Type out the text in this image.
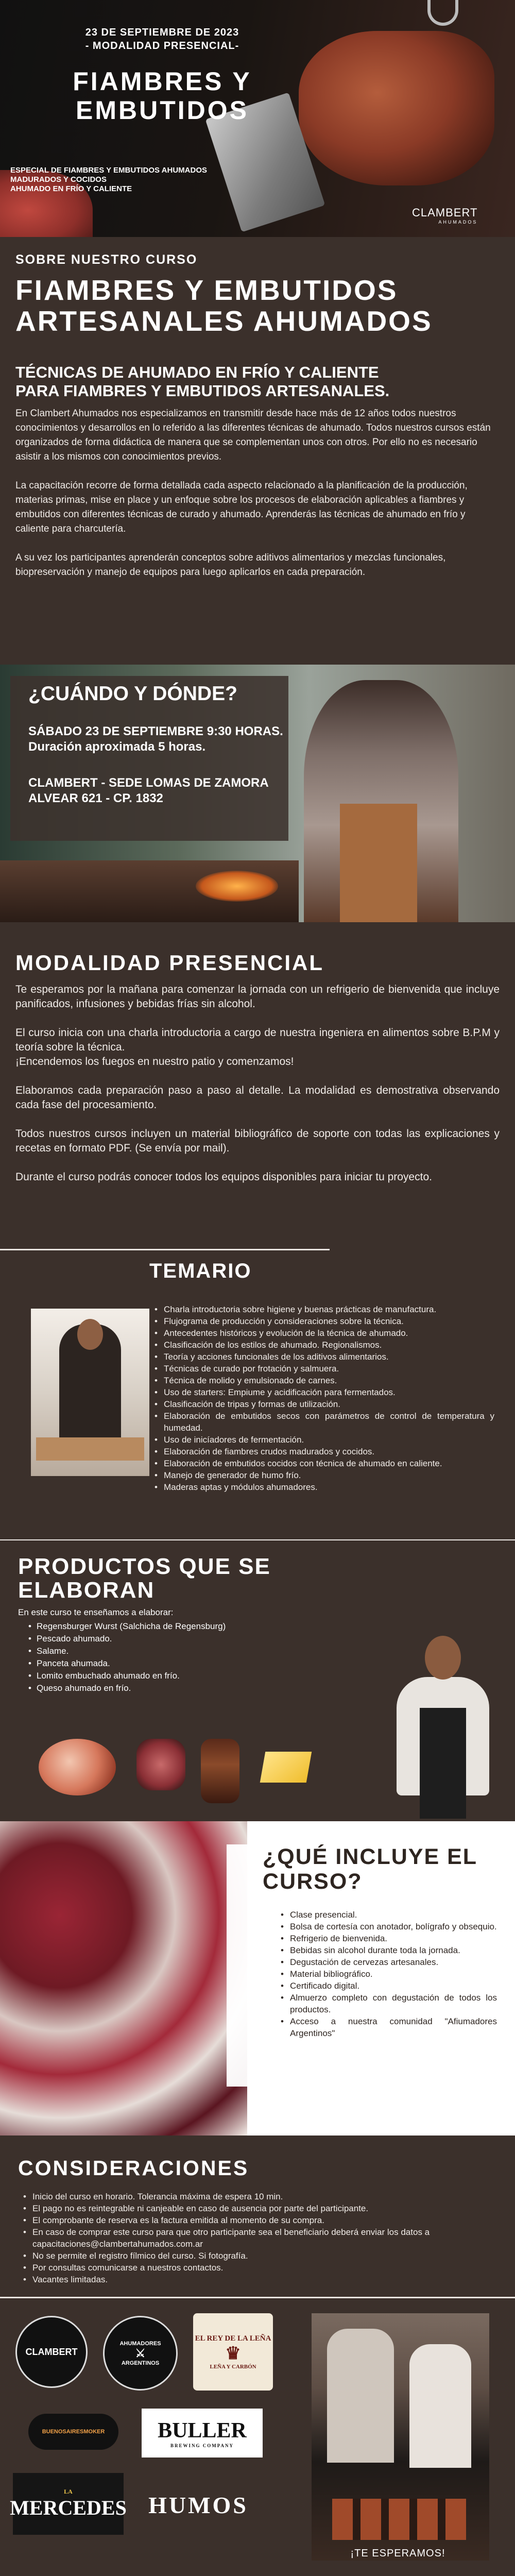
23 DE SEPTIEMBRE DE 2023
- MODALIDAD PRESENCIAL-
FIAMBRES Y
EMBUTIDOS
ESPECIAL DE FIAMBRES Y EMBUTIDOS AHUMADOS
MADURADOS Y COCIDOS
AHUMADO EN FRÍO Y CALIENTE
CLAMBERT
AHUMADOS
SOBRE NUESTRO CURSO
FIAMBRES Y EMBUTIDOS
ARTESANALES AHUMADOS
TÉCNICAS DE AHUMADO EN FRÍO Y CALIENTE
PARA FIAMBRES Y EMBUTIDOS ARTESANALES.

En Clambert Ahumados nos especializamos en transmitir desde hace más de 12 años todos nuestros conocimientos y desarrollos en lo referido a las diferentes técnicas de ahumado. Todos nuestros cursos están organizados de forma didáctica de manera que se complementan unos con otros. Por ello no es necesario asistir a los mismos con conocimientos previos.

La capacitación recorre de forma detallada cada aspecto relacionado a la planificación de la producción, materias primas, mise en place y un enfoque sobre los procesos de elaboración aplicables a fiambres y embutidos con diferentes técnicas de curado y ahumado. Aprenderás las técnicas de ahumado en frío y caliente para charcutería.

A su vez los participantes aprenderán conceptos sobre aditivos alimentarios y mezclas funcionales, biopreservación y manejo de equipos para luego aplicarlos en cada preparación.

¿CUÁNDO Y DÓNDE?
SÁBADO 23 DE SEPTIEMBRE 9:30 HORAS.
Duración aproximada 5 horas.
CLAMBERT - SEDE LOMAS DE ZAMORA
ALVEAR 621 - CP. 1832
MODALIDAD PRESENCIAL

Te esperamos por la mañana para comenzar la jornada con un refrigerio de bienvenida que incluye panificados, infusiones y bebidas frías sin alcohol.

El curso inicia con una charla introductoria a cargo de nuestra ingeniera en alimentos sobre B.P.M y teoría sobre la técnica.
¡Encendemos los fuegos en nuestro patio y comenzamos!

Elaboramos cada preparación paso a paso al detalle. La modalidad es demostrativa observando cada fase del procesamiento.

Todos nuestros cursos incluyen un material bibliográfico de soporte con todas las explicaciones y recetas en formato PDF. (Se envía por mail).

Durante el curso podrás conocer todos los equipos disponibles para iniciar tu proyecto.

TEMARIO
• Charla introductoria sobre higiene y buenas prácticas de manufactura.
• Flujograma de producción y consideraciones sobre la técnica.
• Antecedentes históricos y evolución de la técnica de ahumado.
• Clasificación de los estilos de ahumado. Regionalismos.
• Teoría y acciones funcionales de los aditivos alimentarios.
• Técnicas de curado por frotación y salmuera.
• Técnica de molido y emulsionado de carnes.
• Uso de starters: Empiume y acidificación para fermentados.
• Clasificación de tripas y formas de utilización.
• Elaboración de embutidos secos con parámetros de control de temperatura y humedad.
• Uso de inicíadores de fermentación.
• Elaboración de fiambres crudos madurados y cocidos.
• Elaboración de embutidos cocidos con técnica de ahumado en caliente.
• Manejo de generador de humo frío.
• Maderas aptas y módulos ahumadores.
PRODUCTOS QUE SE
ELABORAN
En este curso te enseñamos a elaborar:
• Regensburger Wurst (Salchicha de Regensburg)
• Pescado ahumado.
• Salame.
• Panceta ahumada.
• Lomito embuchado ahumado en frío.
• Queso ahumado en frío.
¿QUÉ INCLUYE EL
CURSO?
• Clase presencial.
• Bolsa de cortesía con anotador, bolígrafo y obsequio.
• Refrigerio de bienvenida.
• Bebidas sin alcohol durante toda la jornada.
• Degustación de cervezas artesanales.
• Material bibliográfico.
• Certificado digital.
• Almuerzo completo con degustación de todos los productos.
• Acceso a nuestra comunidad "Afiumadores Argentinos"
CONSIDERACIONES
• Inicio del curso en horario. Tolerancia máxima de espera 10 min.
• El pago no es reintegrable ni canjeable en caso de ausencia por parte del participante.
• El comprobante de reserva es la factura emitida al momento de su compra.
• En caso de comprar este curso para que otro participante sea el beneficiario deberá enviar los datos a capacitaciones@clambertahumados.com.ar
• No se permite el registro fílmico del curso. Si fotografía.
• Por consultas comunicarse a nuestros contactos.
• Vacantes limitadas.
CLAMBERT
AHUMADORES
⚔
ARGENTINOS
EL REY DE LA LEÑA
♛
LEÑA Y CARBÓN
BUENOSAIRESMOKER BULLER
BREWING COMPANY
LA
MERCEDES HUMOS
¡TE ESPERAMOS!
